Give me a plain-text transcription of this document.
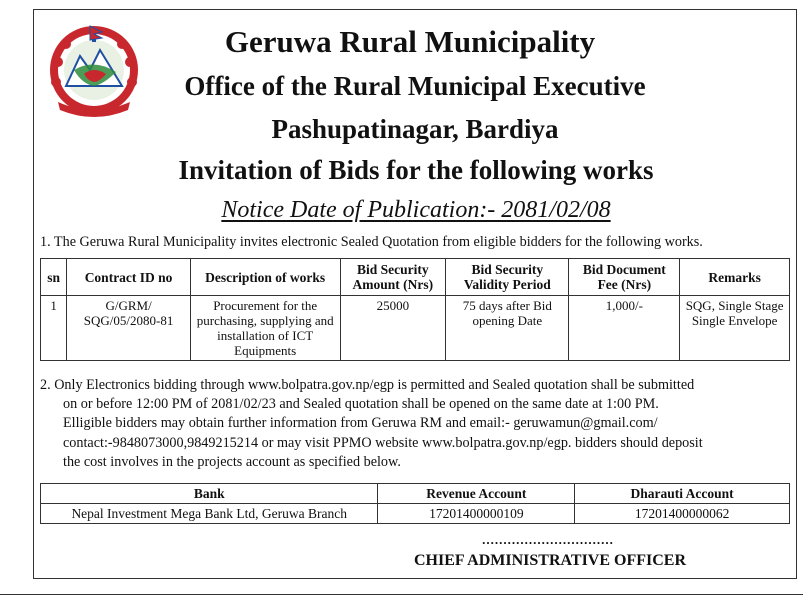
Geruwa Rural Municipality
Office of the Rural Municipal Executive
Pashupatinagar, Bardiya
Invitation of Bids for the following works
Notice Date of Publication:- 2081/02/08
1. The Geruwa Rural Municipality invites electronic Sealed Quotation from eligible bidders for the following works.
sn	Contract ID no	Description of works	Bid Security Amount (Nrs)	Bid Security Validity Period	Bid Document Fee (Nrs)	Remarks
1	G/GRM/ SQG/05/2080-81	Procurement for the purchasing, supplying and installation of ICT Equipments	25000	75 days after Bid opening Date	1,000/-	SQG, Single Stage Single Envelope
2. Only Electronics bidding through www.bolpatra.gov.np/egp is permitted and Sealed quotation shall be submitted
on or before 12:00 PM of 2081/02/23 and Sealed quotation shall be opened on the same date at 1:00 PM.
Elligible bidders may obtain further information from Geruwa RM and email:- geruwamun@gmail.com/
contact:-9848073000,9849215214 or may visit PPMO website www.bolpatra.gov.np/egp. bidders should deposit
the cost involves in the projects account as specified below.
Bank	Revenue Account	Dharauti Account
Nepal Investment Mega Bank Ltd, Geruwa Branch	17201400000109	17201400000062
...............................
CHIEF ADMINISTRATIVE OFFICER
